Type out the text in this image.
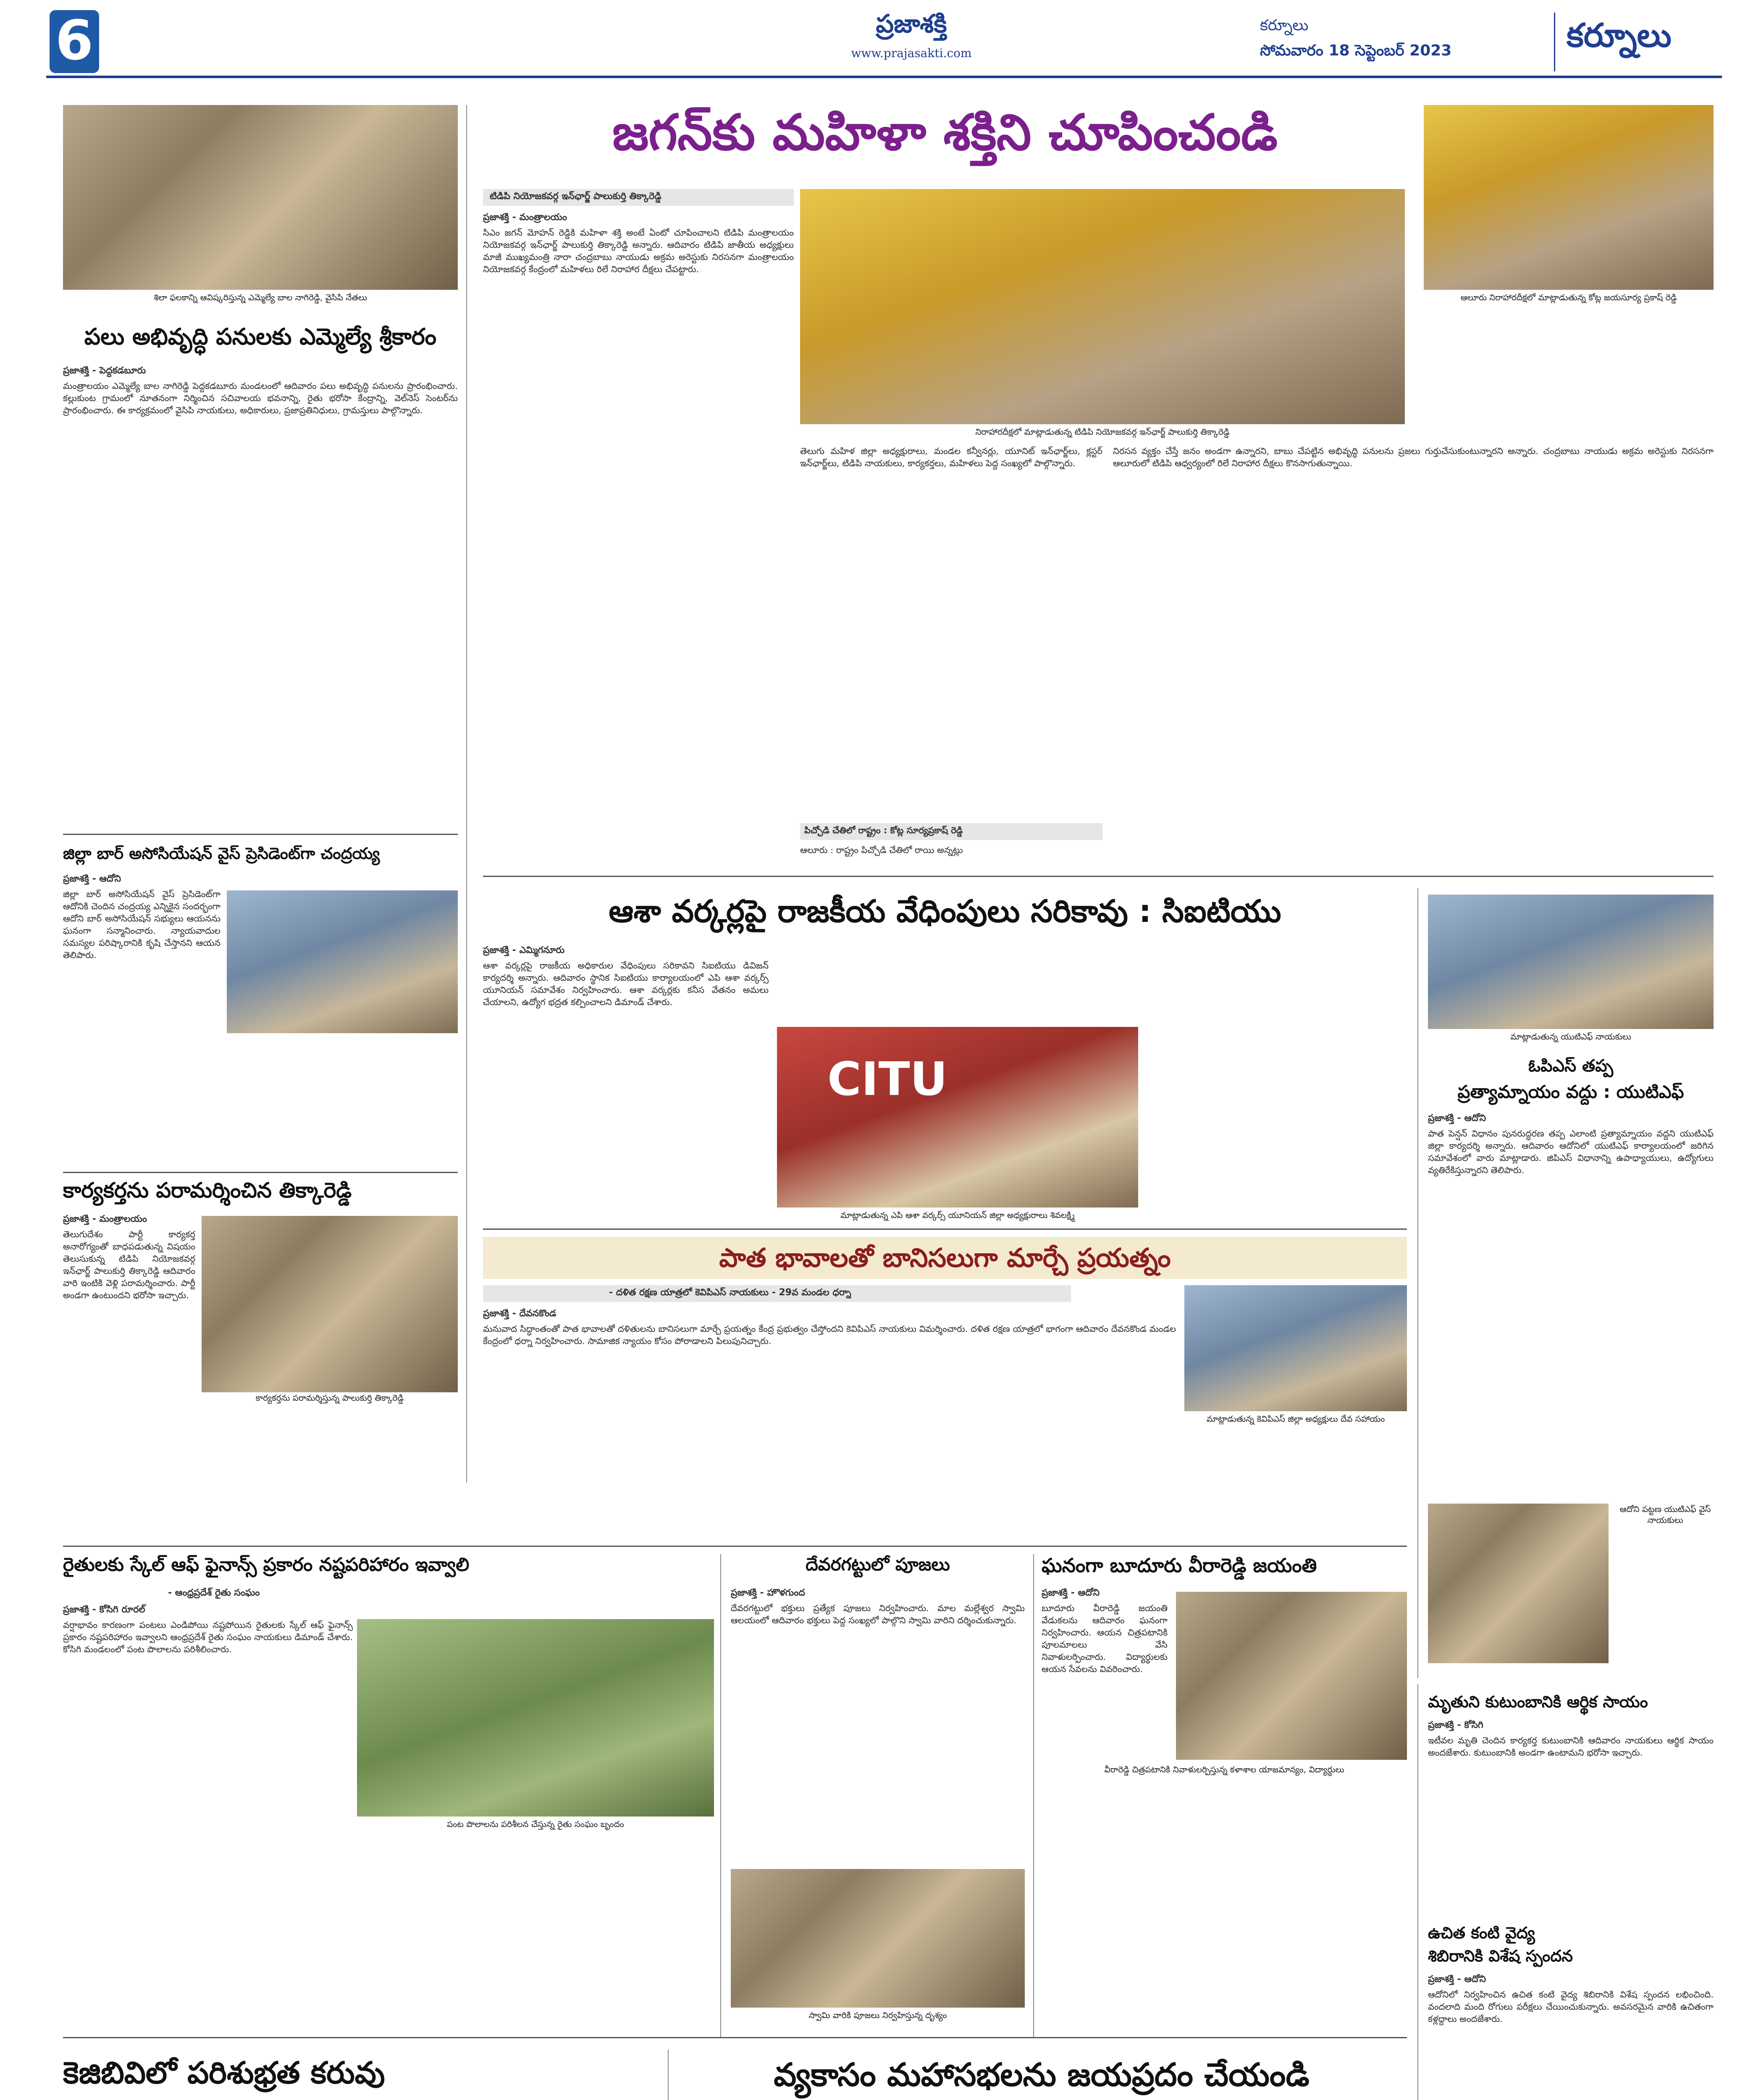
6	ప్రజాశక్తి
www.prajasakti.com
కర్నూలు
సోమవారం 18 సెప్టెంబర్ 2023	కర్నూలు
శిలా ఫలకాన్ని ఆవిష్కరిస్తున్న ఎమ్మెల్యే బాల నాగిరెడ్డి, వైసిపి నేతలు
పలు అభివృద్ధి పనులకు ఎమ్మెల్యే శ్రీకారం
ప్రజాశక్తి - పెద్దకడబూరు

మంత్రాలయం ఎమ్మెల్యే బాల నాగిరెడ్డి పెద్దకడబూరు మండలంలో ఆదివారం పలు అభివృద్ధి పనులను ప్రారంభించారు. కల్లుకుంట గ్రామంలో నూతనంగా నిర్మించిన సచివాలయ భవనాన్ని, రైతు భరోసా కేంద్రాన్ని, వెల్‌నెస్ సెంటర్‌ను ప్రారంభించారు. ఈ కార్యక్రమంలో వైసిపి నాయకులు, అధికారులు, ప్రజాప్రతినిధులు, గ్రామస్తులు పాల్గొన్నారు.

జిల్లా బార్ అసోసియేషన్ వైస్ ప్రెసిడెంట్‌గా చంద్రయ్య
ప్రజాశక్తి - ఆదోని

జిల్లా బార్ అసోసియేషన్ వైస్ ప్రెసిడెంట్‌గా ఆదోనికి చెందిన చంద్రయ్య ఎన్నికైన సందర్భంగా ఆదోని బార్ అసోసియేషన్ సభ్యులు ఆయనను ఘనంగా సన్మానించారు. న్యాయవాదుల సమస్యల పరిష్కారానికి కృషి చేస్తానని ఆయన తెలిపారు.

కార్యకర్తను పరామర్శించిన తిక్కారెడ్డి
ప్రజాశక్తి - మంత్రాలయం
కార్యకర్తను పరామర్శిస్తున్న పాలుకుర్తి తిక్కారెడ్డి

తెలుగుదేశం పార్టీ కార్యకర్త అనారోగ్యంతో బాధపడుతున్న విషయం తెలుసుకున్న టిడిపి నియోజకవర్గ ఇన్‌ఛార్జ్ పాలుకుర్తి తిక్కారెడ్డి ఆదివారం వారి ఇంటికి వెళ్లి పరామర్శించారు. పార్టీ అండగా ఉంటుందని భరోసా ఇచ్చారు.

జగన్‌కు మహిళా శక్తిని చూపించండి
టిడిపి నియోజకవర్గ ఇన్‌ఛార్జ్ పాలుకుర్తి తిక్కారెడ్డి
ప్రజాశక్తి - మంత్రాలయం

సిఎం జగన్ మోహన్ రెడ్డికి మహిళా శక్తి అంటే ఏంటో చూపించాలని టిడిపి మంత్రాలయం నియోజకవర్గ ఇన్‌ఛార్జ్ పాలుకుర్తి తిక్కారెడ్డి అన్నారు. ఆదివారం టిడిపి జాతీయ అధ్యక్షులు మాజీ ముఖ్యమంత్రి నారా చంద్రబాబు నాయుడు అక్రమ అరెస్టుకు నిరసనగా మంత్రాలయం నియోజకవర్గ కేంద్రంలో మహిళలు రిలే నిరాహార దీక్షలు చేపట్టారు.

నిరాహారదీక్షలో మాట్లాడుతున్న టిడిపి నియోజకవర్గ ఇన్‌ఛార్జ్ పాలుకుర్తి తిక్కారెడ్డి

తెలుగు మహిళ జిల్లా అధ్యక్షురాలు, మండల కన్వీనర్లు, యూనిట్ ఇన్‌ఛార్జ్‌లు, క్లస్టర్ ఇన్‌ఛార్జ్‌లు, టిడిపి నాయకులు, కార్యకర్తలు, మహిళలు పెద్ద సంఖ్యలో పాల్గొన్నారు.

పిచ్చోడి చేతిలో రాష్ట్రం : కోట్ల సూర్యప్రకాష్ రెడ్డి

ఆలూరు : రాష్ట్రం పిచ్చోడి చేతిలో రాయి అన్నట్లు

ఆలూరు నిరాహారదీక్షలో మాట్లాడుతున్న కోట్ల జయసూర్య ప్రకాష్ రెడ్డి

నిరసన వ్యక్తం చేస్తే జనం అండగా ఉన్నారని, బాబు చేపట్టిన అభివృద్ధి పనులను ప్రజలు గుర్తుచేసుకుంటున్నారని అన్నారు. చంద్రబాబు నాయుడు అక్రమ అరెస్టుకు నిరసనగా ఆలూరులో టిడిపి ఆధ్వర్యంలో రిలే నిరాహార దీక్షలు కొనసాగుతున్నాయి.

ఆశా వర్కర్లపై రాజకీయ వేధింపులు సరికావు : సిఐటియు
ప్రజాశక్తి - ఎమ్మిగనూరు

ఆశా వర్కర్లపై రాజకీయ అధికారుల వేధింపులు సరికావని సిఐటియు డివిజన్ కార్యదర్శి అన్నారు. ఆదివారం స్థానిక సిఐటియు కార్యాలయంలో ఎపి ఆశా వర్కర్స్ యూనియన్ సమావేశం నిర్వహించారు. ఆశా వర్కర్లకు కనీస వేతనం అమలు చేయాలని, ఉద్యోగ భద్రత కల్పించాలని డిమాండ్ చేశారు.

CITU
మాట్లాడుతున్న ఎపి ఆశా వర్కర్స్ యూనియన్ జిల్లా అధ్యక్షురాలు శివలక్ష్మి

పాత భావాలతో బానిసలుగా మార్చే ప్రయత్నం
- దళిత రక్షణ యాత్రలో కెవిపిఎస్ నాయకులు - 29వ మండల ధర్నా
ప్రజాశక్తి - దేవనకొండ

మనువాద సిద్ధాంతంతో పాత భావాలతో దళితులను బానిసలుగా మార్చే ప్రయత్నం కేంద్ర ప్రభుత్వం చేస్తోందని కెవిపిఎస్ నాయకులు విమర్శించారు. దళిత రక్షణ యాత్రలో భాగంగా ఆదివారం దేవనకొండ మండల కేంద్రంలో ధర్నా నిర్వహించారు. సామాజిక న్యాయం కోసం పోరాడాలని పిలుపునిచ్చారు.

మాట్లాడుతున్న కెవిపిఎస్ జిల్లా అధ్యక్షులు దేవ సహాయం
మాట్లాడుతున్న యుటిఎఫ్ నాయకులు
ఓపిఎస్ తప్ప
ప్రత్యామ్నాయం వద్దు : యుటిఎఫ్
ప్రజాశక్తి - ఆదోని

పాత పెన్షన్ విధానం పునరుద్ధరణ తప్ప ఎలాంటి ప్రత్యామ్నాయం వద్దని యుటిఎఫ్ జిల్లా కార్యదర్శి అన్నారు. ఆదివారం ఆదోనిలో యుటిఎఫ్ కార్యాలయంలో జరిగిన సమావేశంలో వారు మాట్లాడారు. జిపిఎస్ విధానాన్ని ఉపాధ్యాయులు, ఉద్యోగులు వ్యతిరేకిస్తున్నారని తెలిపారు.

ఆదోని పట్టణ యుటిఎఫ్ వైస్ నాయకులు
రైతులకు స్కేల్ ఆఫ్ ఫైనాన్స్ ప్రకారం నష్టపరిహారం ఇవ్వాలి
- ఆంధ్రప్రదేశ్ రైతు సంఘం
ప్రజాశక్తి - కోసిగి రూరల్

వర్షాభావం కారణంగా పంటలు ఎండిపోయి నష్టపోయిన రైతులకు స్కేల్ ఆఫ్ ఫైనాన్స్ ప్రకారం నష్టపరిహారం ఇవ్వాలని ఆంధ్రప్రదేశ్ రైతు సంఘం నాయకులు డిమాండ్ చేశారు. కోసిగి మండలంలో పంట పొలాలను పరిశీలించారు.

పంట పొలాలను పరిశీలన చేస్తున్న రైతు సంఘం బృందం

దేవరగట్టులో పూజలు
ప్రజాశక్తి - హొళగుంద

దేవరగట్టులో భక్తులు ప్రత్యేక పూజలు నిర్వహించారు. మాల మల్లేశ్వర స్వామి ఆలయంలో ఆదివారం భక్తులు పెద్ద సంఖ్యలో పాల్గొని స్వామి వారిని దర్శించుకున్నారు.

స్వామి వారికి పూజలు నిర్వహిస్తున్న దృశ్యం
ఘనంగా బూదూరు వీరారెడ్డి జయంతి
ప్రజాశక్తి - ఆదోని

బూదూరు వీరారెడ్డి జయంతి వేడుకలను ఆదివారం ఘనంగా నిర్వహించారు. ఆయన చిత్రపటానికి పూలమాలలు వేసి నివాళులర్పించారు. విద్యార్థులకు ఆయన సేవలను వివరించారు.

వీరారెడ్డి చిత్రపటానికి నివాళులర్పిస్తున్న కళాశాల యాజమాన్యం, విద్యార్థులు

మృతుని కుటుంబానికి ఆర్థిక సాయం
ప్రజాశక్తి - కోసిగి

ఇటీవల మృతి చెందిన కార్యకర్త కుటుంబానికి ఆదివారం నాయకులు ఆర్థిక సాయం అందజేశారు. కుటుంబానికి అండగా ఉంటామని భరోసా ఇచ్చారు.

ఉచిత కంటి వైద్య
శిబిరానికి విశేష స్పందన
ప్రజాశక్తి - ఆదోని

ఆదోనిలో నిర్వహించిన ఉచిత కంటి వైద్య శిబిరానికి విశేష స్పందన లభించింది. వందలాది మంది రోగులు పరీక్షలు చేయించుకున్నారు. అవసరమైన వారికి ఉచితంగా కళ్లద్దాలు అందజేశారు.

కెజిబివిలో పరిశుభ్రత కరువు	వ్యకాసం మహాసభలను జయప్రదం చేయండి
